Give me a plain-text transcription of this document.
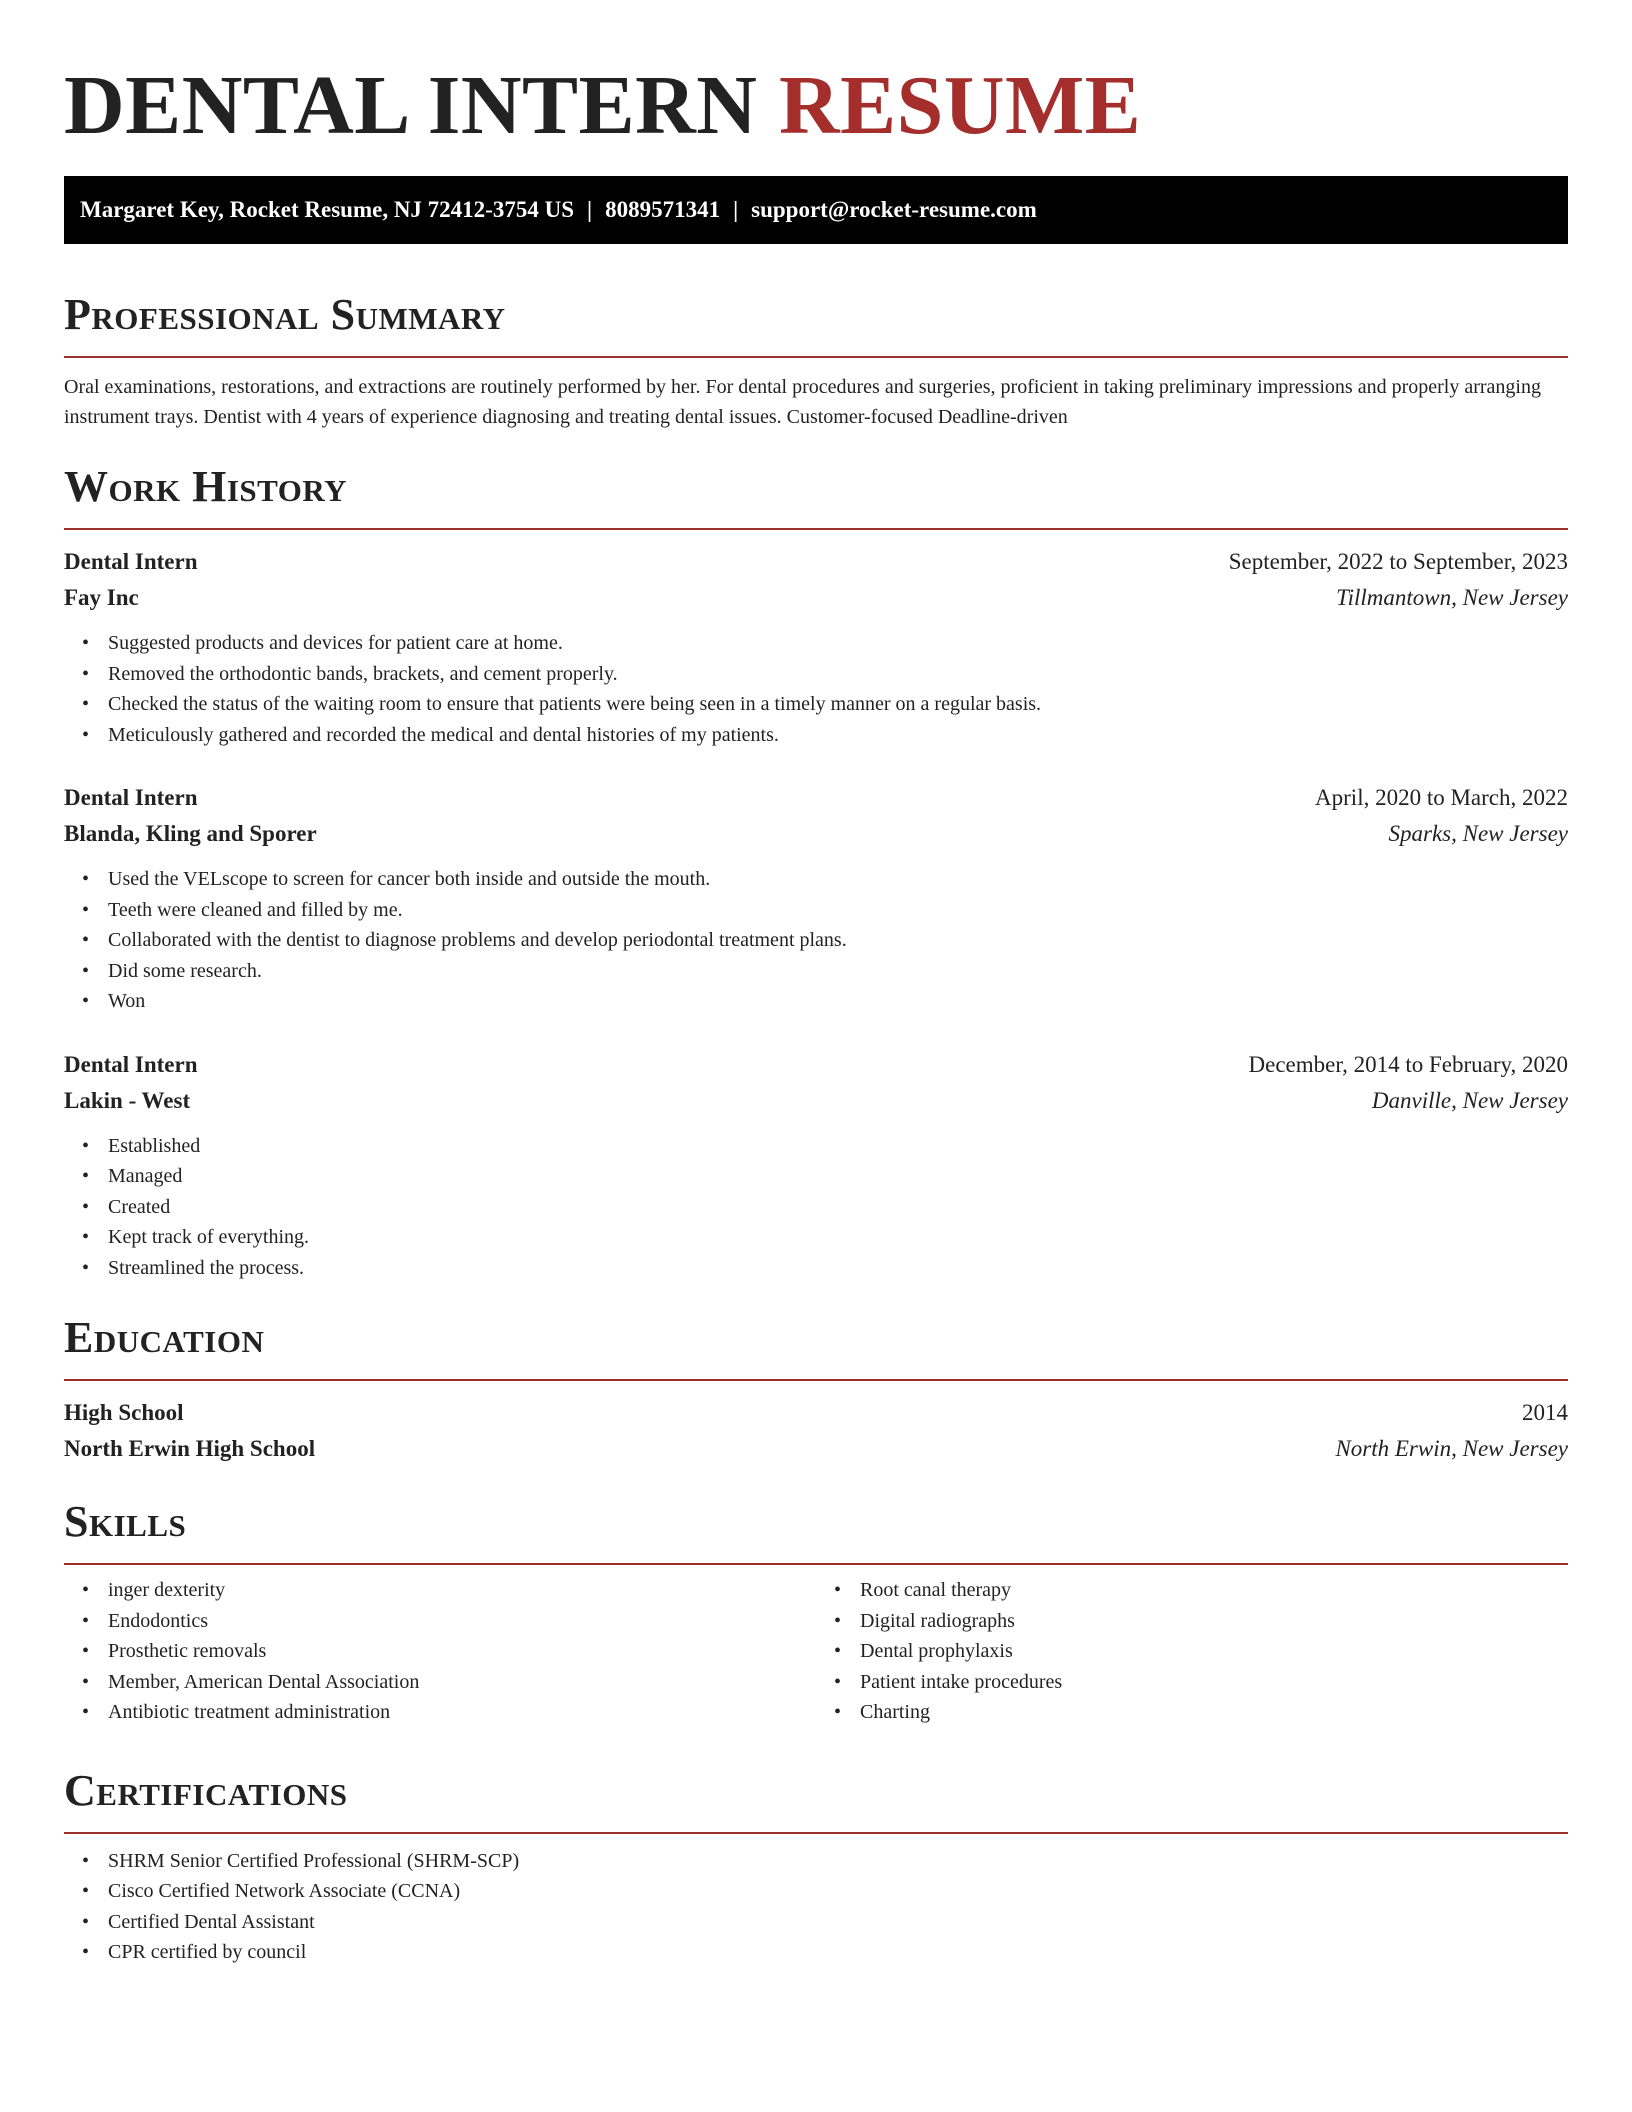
DENTAL INTERN RESUME
Margaret Key, Rocket Resume, NJ 72412-3754 US | 8089571341 | support@rocket-resume.com
Professional Summary

Oral examinations, restorations, and extractions are routinely performed by her. For dental procedures and surgeries, proficient in taking preliminary impressions and properly arranging instrument trays. Dentist with 4 years of experience diagnosing and treating dental issues. Customer-focused Deadline-driven

Work History
Dental Intern	September, 2022 to September, 2023
Fay Inc	Tillmantown, New Jersey
• Suggested products and devices for patient care at home.
• Removed the orthodontic bands, brackets, and cement properly.
• Checked the status of the waiting room to ensure that patients were being seen in a timely manner on a regular basis.
• Meticulously gathered and recorded the medical and dental histories of my patients.
Dental Intern	April, 2020 to March, 2022
Blanda, Kling and Sporer	Sparks, New Jersey
• Used the VELscope to screen for cancer both inside and outside the mouth.
• Teeth were cleaned and filled by me.
• Collaborated with the dentist to diagnose problems and develop periodontal treatment plans.
• Did some research.
• Won
Dental Intern	December, 2014 to February, 2020
Lakin - West	Danville, New Jersey
• Established
• Managed
• Created
• Kept track of everything.
• Streamlined the process.
Education
High School	2014
North Erwin High School	North Erwin, New Jersey
Skills
• inger dexterity
• Endodontics
• Prosthetic removals
• Member, American Dental Association
• Antibiotic treatment administration
• Root canal therapy
• Digital radiographs
• Dental prophylaxis
• Patient intake procedures
• Charting
Certifications
• SHRM Senior Certified Professional (SHRM-SCP)
• Cisco Certified Network Associate (CCNA)
• Certified Dental Assistant
• CPR certified by council
